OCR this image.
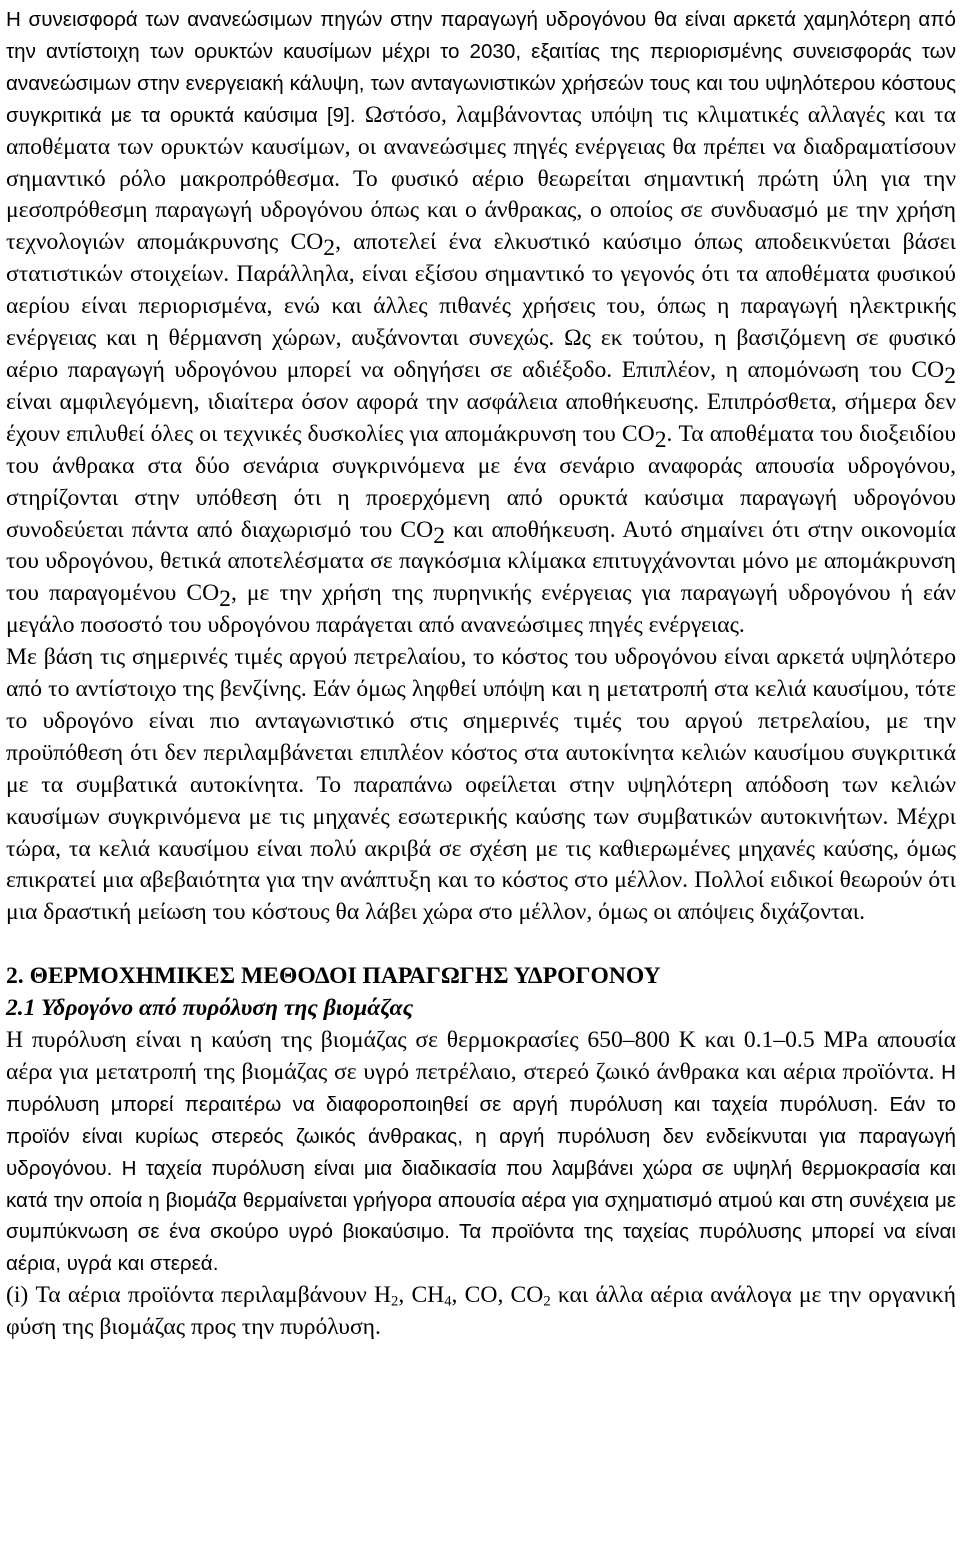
Η συνεισφορά των ανανεώσιμων πηγών στην παραγωγή υδρογόνου θα είναι αρκετά χαμηλότερη από την αντίστοιχη των ορυκτών καυσίμων μέχρι το 2030, εξαιτίας της περιορισμένης συνεισφοράς των ανανεώσιμων στην ενεργειακή κάλυψη, των ανταγωνιστικών χρήσεών τους και του υψηλότερου κόστους συγκριτικά με τα ορυκτά καύσιμα [9]. Ωστόσο, λαμβάνοντας υπόψη τις κλιματικές αλλαγές και τα αποθέματα των ορυκτών καυσίμων, οι ανανεώσιμες πηγές ενέργειας θα πρέπει να διαδραματίσουν σημαντικό ρόλο μακροπρόθεσμα. Το φυσικό αέριο θεωρείται σημαντική πρώτη ύλη για την μεσοπρόθεσμη παραγωγή υδρογόνου όπως και ο άνθρακας, ο οποίος σε συνδυασμό με την χρήση τεχνολογιών απομάκρυνσης $CO_2$, αποτελεί ένα ελκυστικό καύσιμο όπως αποδεικνύεται βάσει στατιστικών στοιχείων. Παράλληλα, είναι εξίσου σημαντικό το γεγονός ότι τα αποθέματα φυσικού αερίου είναι περιορισμένα, ενώ και άλλες πιθανές χρήσεις του, όπως η παραγωγή ηλεκτρικής ενέργειας και η θέρμανση χώρων, αυξάνονται συνεχώς. Ως εκ τούτου, η βασιζόμενη σε φυσικό αέριο παραγωγή υδρογόνου μπορεί να οδηγήσει σε αδιέξοδο. Επιπλέον, η απομόνωση του $CO_2$ είναι αμφιλεγόμενη, ιδιαίτερα όσον αφορά την ασφάλεια αποθήκευσης. Επιπρόσθετα, σήμερα δεν έχουν επιλυθεί όλες οι τεχνικές δυσκολίες για απομάκρυνση του $CO_2$. Τα αποθέματα του διοξειδίου του άνθρακα στα δύο σενάρια συγκρινόμενα με ένα σενάριο αναφοράς απουσία υδρογόνου, στηρίζονται στην υπόθεση ότι η προερχόμενη από ορυκτά καύσιμα παραγωγή υδρογόνου συνοδεύεται πάντα από διαχωρισμό του $CO_2$ και αποθήκευση. Αυτό σημαίνει ότι στην οικονομία του υδρογόνου, θετικά αποτελέσματα σε παγκόσμια κλίμακα επιτυγχάνονται μόνο με απομάκρυνση του παραγομένου $CO_2$, με την χρήση της πυρηνικής ενέργειας για παραγωγή υδρογόνου ή εάν μεγάλο ποσοστό του υδρογόνου παράγεται από ανανεώσιμες πηγές ενέργειας.

Με βάση τις σημερινές τιμές αργού πετρελαίου, το κόστος του υδρογόνου είναι αρκετά υψηλότερο από το αντίστοιχο της βενζίνης. Εάν όμως ληφθεί υπόψη και η μετατροπή στα κελιά καυσίμου, τότε το υδρογόνο είναι πιο ανταγωνιστικό στις σημερινές τιμές του αργού πετρελαίου, με την προϋπόθεση ότι δεν περιλαμβάνεται επιπλέον κόστος στα αυτοκίνητα κελιών καυσίμου συγκριτικά με τα συμβατικά αυτοκίνητα. Το παραπάνω οφείλεται στην υψηλότερη απόδοση των κελιών καυσίμων συγκρινόμενα με τις μηχανές εσωτερικής καύσης των συμβατικών αυτοκινήτων. Μέχρι τώρα, τα κελιά καυσίμου είναι πολύ ακριβά σε σχέση με τις καθιερωμένες μηχανές καύσης, όμως επικρατεί μια αβεβαιότητα για την ανάπτυξη και το κόστος στο μέλλον. Πολλοί ειδικοί θεωρούν ότι μια δραστική μείωση του κόστους θα λάβει χώρα στο μέλλον, όμως οι απόψεις διχάζονται.

2. ΘΕΡΜΟΧΗΜΙΚΕΣ ΜΕΘΟΔΟΙ ΠΑΡΑΓΩΓΗΣ ΥΔΡΟΓΟΝΟΥ

2.1 Υδρογόνο από πυρόλυση της βιομάζας

Η πυρόλυση είναι η καύση της βιομάζας σε θερμοκρασίες 650–800 K και 0.1–0.5 MPa απουσία αέρα για μετατροπή της βιομάζας σε υγρό πετρέλαιο, στερεό ζωικό άνθρακα και αέρια προϊόντα. Η πυρόλυση μπορεί περαιτέρω να διαφοροποιηθεί σε αργή πυρόλυση και ταχεία πυρόλυση. Εάν το προϊόν είναι κυρίως στερεός ζωικός άνθρακας, η αργή πυρόλυση δεν ενδείκνυται για παραγωγή υδρογόνου. Η ταχεία πυρόλυση είναι μια διαδικασία που λαμβάνει χώρα σε υψηλή θερμοκρασία και κατά την οποία η βιομάζα θερμαίνεται γρήγορα απουσία αέρα για σχηματισμό ατμού και στη συνέχεια με συμπύκνωση σε ένα σκούρο υγρό βιοκαύσιμο. Τα προϊόντα της ταχείας πυρόλυσης μπορεί να είναι αέρια, υγρά και στερεά.

(i) Τα αέρια προϊόντα περιλαμβάνουν $H_2$, $CH_4$, CO, $CO_2$ και άλλα αέρια ανάλογα με την οργανική φύση της βιομάζας προς την πυρόλυση.
